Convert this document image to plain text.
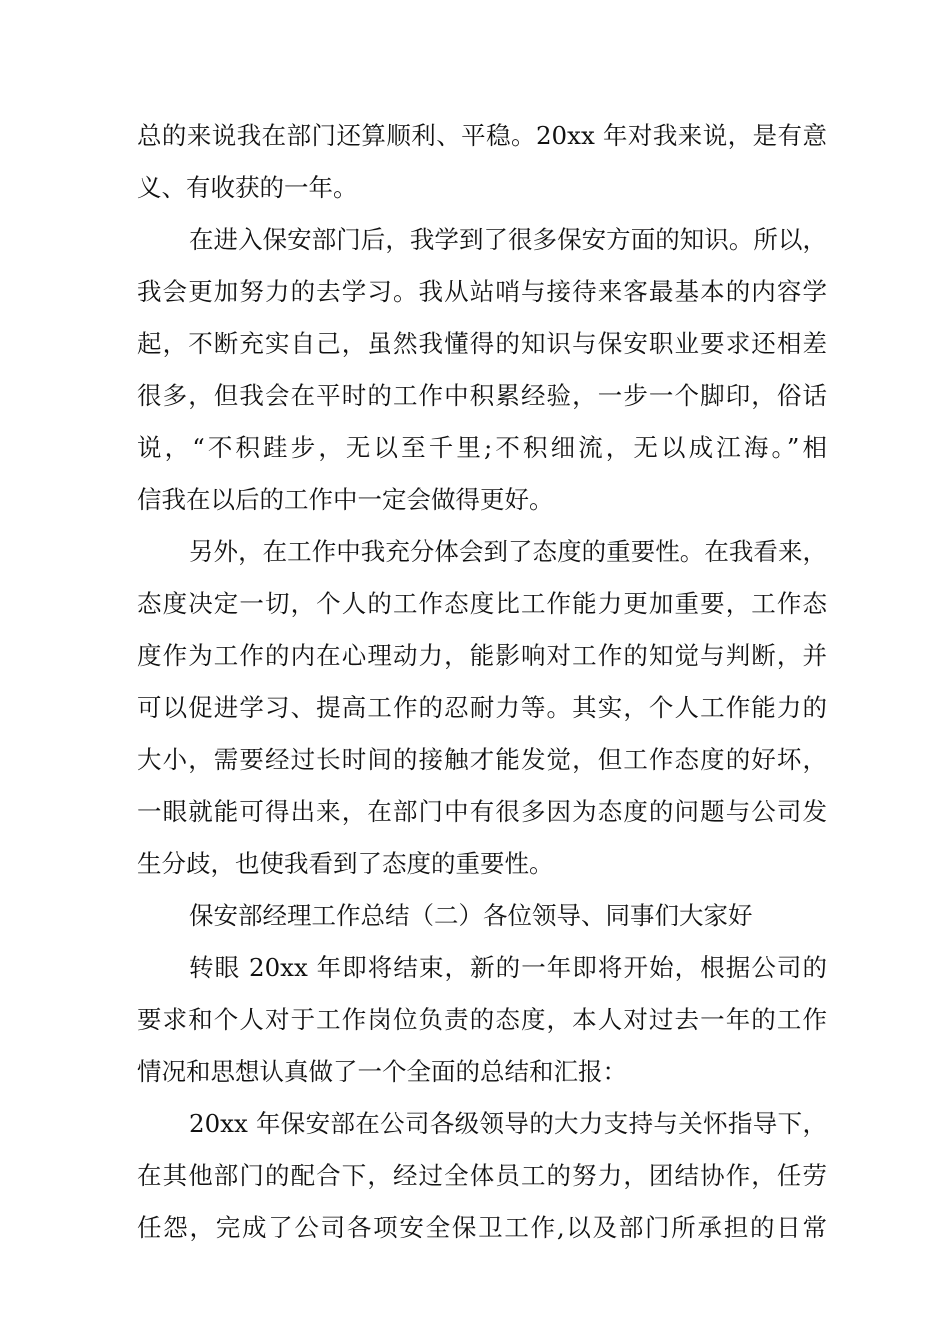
总的来说我在部门还算顺利、平稳。20xx 年对我来说，是有意
义、有收获的一年。
在进入保安部门后，我学到了很多保安方面的知识。所以，
我会更加努力的去学习。我从站哨与接待来客最基本的内容学
起，不断充实自己，虽然我懂得的知识与保安职业要求还相差
很多，但我会在平时的工作中积累经验，一步一个脚印，俗话
说，“不积跬步，无以至千里;不积细流，无以成江海。”相
信我在以后的工作中一定会做得更好。
另外，在工作中我充分体会到了态度的重要性。在我看来，
态度决定一切，个人的工作态度比工作能力更加重要，工作态
度作为工作的内在心理动力，能影响对工作的知觉与判断，并
可以促进学习、提高工作的忍耐力等。其实，个人工作能力的
大小，需要经过长时间的接触才能发觉，但工作态度的好坏，
一眼就能可得出来，在部门中有很多因为态度的问题与公司发
生分歧，也使我看到了态度的重要性。
保安部经理工作总结（二）各位领导、同事们大家好
转眼 20xx 年即将结束，新的一年即将开始，根据公司的
要求和个人对于工作岗位负责的态度，本人对过去一年的工作
情况和思想认真做了一个全面的总结和汇报：
20xx 年保安部在公司各级领导的大力支持与关怀指导下，
在其他部门的配合下，经过全体员工的努力，团结协作，任劳
任怨，完成了公司各项安全保卫工作,以及部门所承担的日常
